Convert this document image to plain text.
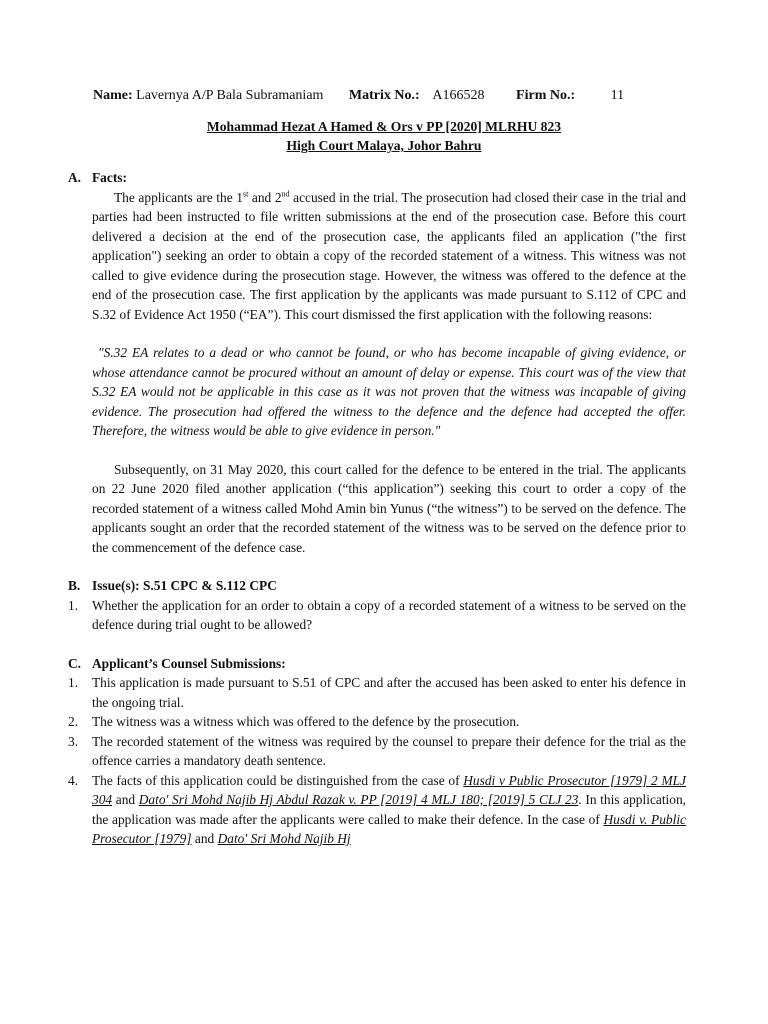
Name: Lavernya A/P Bala Subramaniam Matrix No.: A166528 Firm No.:	11
Mohammad Hezat A Hamed & Ors v PP [2020] MLRHU 823
High Court Malaya, Johor Bahru
A. Facts:

The applicants are the 1st and 2nd accused in the trial. The prosecution had closed their case in the trial and parties had been instructed to file written submissions at the end of the prosecution case. Before this court delivered a decision at the end of the prosecution case, the applicants filed an application ("the first application") seeking an order to obtain a copy of the recorded statement of a witness. This witness was not called to give evidence during the prosecution stage. However, the witness was offered to the defence at the end of the prosecution case. The first application by the applicants was made pursuant to S.112 of CPC and S.32 of Evidence Act 1950 (“EA”). This court dismissed the first application with the following reasons:

"S.32 EA relates to a dead or who cannot be found, or who has become incapable of giving evidence, or whose attendance cannot be procured without an amount of delay or expense. This court was of the view that S.32 EA would not be applicable in this case as it was not proven that the witness was incapable of giving evidence. The prosecution had offered the witness to the defence and the defence had accepted the offer. Therefore, the witness would be able to give evidence in person."

Subsequently, on 31 May 2020, this court called for the defence to be entered in the trial. The applicants on 22 June 2020 filed another application (“this application”) seeking this court to order a copy of the recorded statement of a witness called Mohd Amin bin Yunus (“the witness”) to be served on the defence. The applicants sought an order that the recorded statement of the witness was to be served on the defence prior to the commencement of the defence case.

B. Issue(s): S.51 CPC & S.112 CPC
1.	Whether the application for an order to obtain a copy of a recorded statement of a witness to be served on the defence during trial ought to be allowed?
C. Applicant’s Counsel Submissions:
1.	This application is made pursuant to S.51 of CPC and after the accused has been asked to enter his defence in the ongoing trial.
2.	The witness was a witness which was offered to the defence by the prosecution.
3.	The recorded statement of the witness was required by the counsel to prepare their defence for the trial as the offence carries a mandatory death sentence.
4.	The facts of this application could be distinguished from the case of Husdi v Public Prosecutor [1979] 2 MLJ 304 and Dato' Sri Mohd Najib Hj Abdul Razak v. PP [2019] 4 MLJ 180; [2019] 5 CLJ 23. In this application, the application was made after the applicants were called to make their defence. In the case of Husdi v. Public Prosecutor [1979] and Dato' Sri Mohd Najib Hj
